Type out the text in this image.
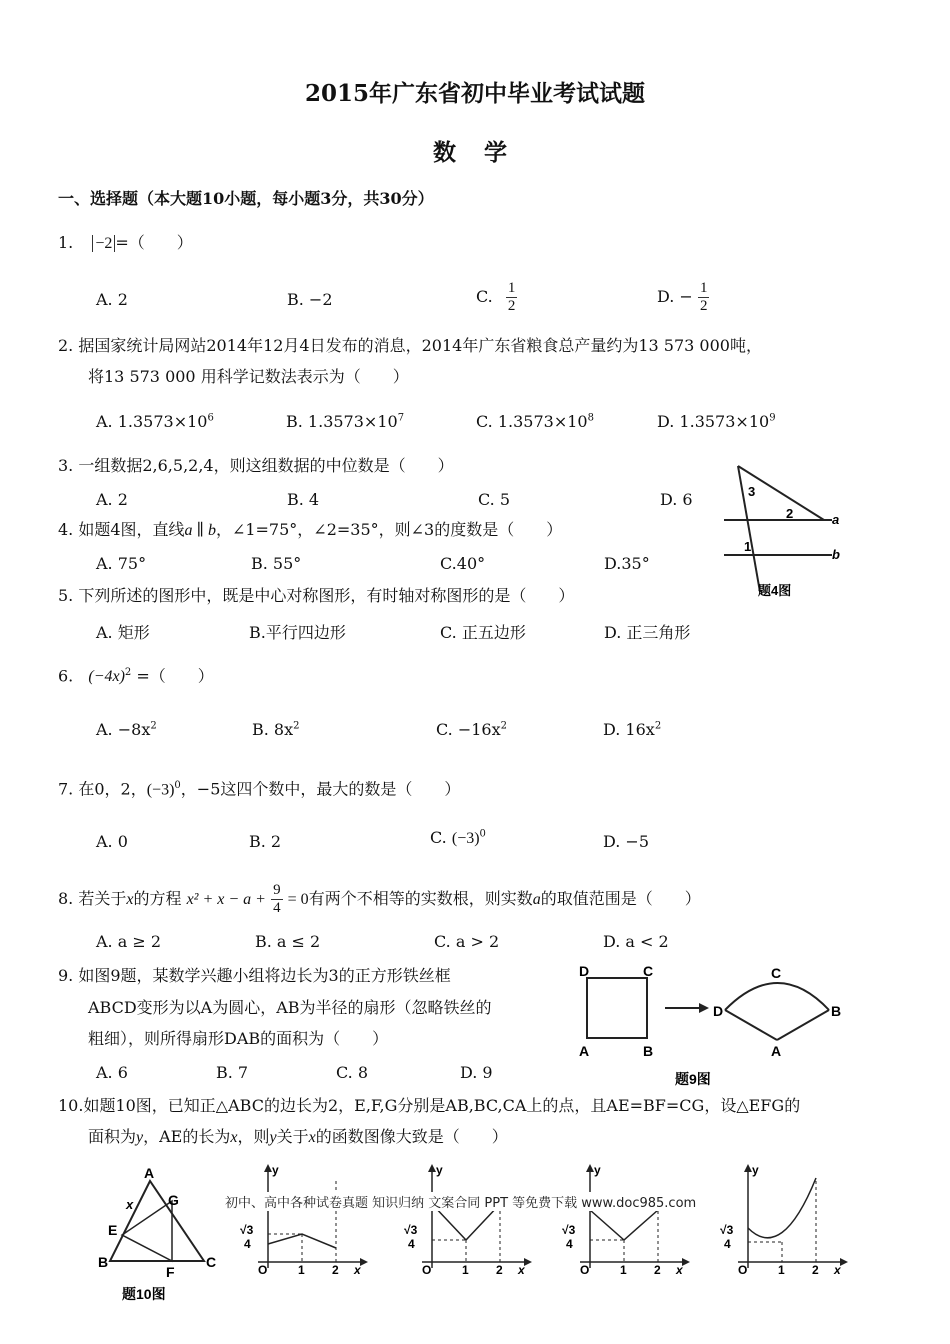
2015年广东省初中毕业考试试题
数 学
一、选择题（本大题10小题，每小题3分，共30分）
1. −2 =（　　）
A. 2	B. −2	C. $\frac{1}{2}$	D. − $\frac{1}{2}$
2. 据国家统计局网站2014年12月4日发布的消息，2014年广东省粮食总产量约为13 573 000吨，
将13 573 000 用科学记数法表示为（　　）
A. $1.3573\times 10^6$	B. $1.3573\times 10^7$	C. $1.3573\times 10^8$	D. $1.3573\times 10^9$
3. 一组数据2,6,5,2,4，则这组数据的中位数是（　　）
A. 2	B. 4	C. 5	D. 6
4. 如题4图，直线a ∥ b，∠1=75°，∠2=35°，则∠3的度数是（　　）
A. 75°	B. 55°	C.40°	D.35°
3
2
1
a
b
题4图
5. 下列所述的图形中，既是中心对称图形，有时轴对称图形的是（　　）
A. 矩形	B.平行四边形	C. 正五边形	D. 正三角形
6. $(-4x)^2$ =（　　）
A. $-8x^2$	B. $8x^2$	C. $-16x^2$	D. $16x^2$
7. 在0，2，$(-3)^0$，−5这四个数中，最大的数是（　　）
A. 0	B. 2	C. $(-3)^0$	D. −5
8. 若关于x的方程 $x^2 + x - a + \frac{9}{4} = 0$有两个不相等的实数根，则实数a的取值范围是（　　）
A. a ≥ 2	B. a ≤ 2	C. a > 2	D. a < 2
9. 如图9题，某数学兴趣小组将边长为3的正方形铁丝框
ABCD变形为以A为圆心，AB为半径的扇形（忽略铁丝的
粗细），则所得扇形DAB的面积为（　　）
A. 6	B. 7	C. 8	D. 9
D	C
A	B
D
C
B
A
题9图
10.如题10图，已知正△ABC的边长为2，E,F,G分别是AB,BC,CA上的点，且AE=BF=CG，设△EFG的
面积为y，AE的长为x，则y关于x的函数图像大致是（　　）
A
B	C
E
F
G
x
题10图
√3
4
y
O	1 2 x
√3
4
y
O	1 2 x
√3
4
y
O	1 2 x
√3
4
y
O	1 2 x
初中、高中各种试卷真题 知识归纳 文案合同 PPT 等免费下载 www.doc985.com
